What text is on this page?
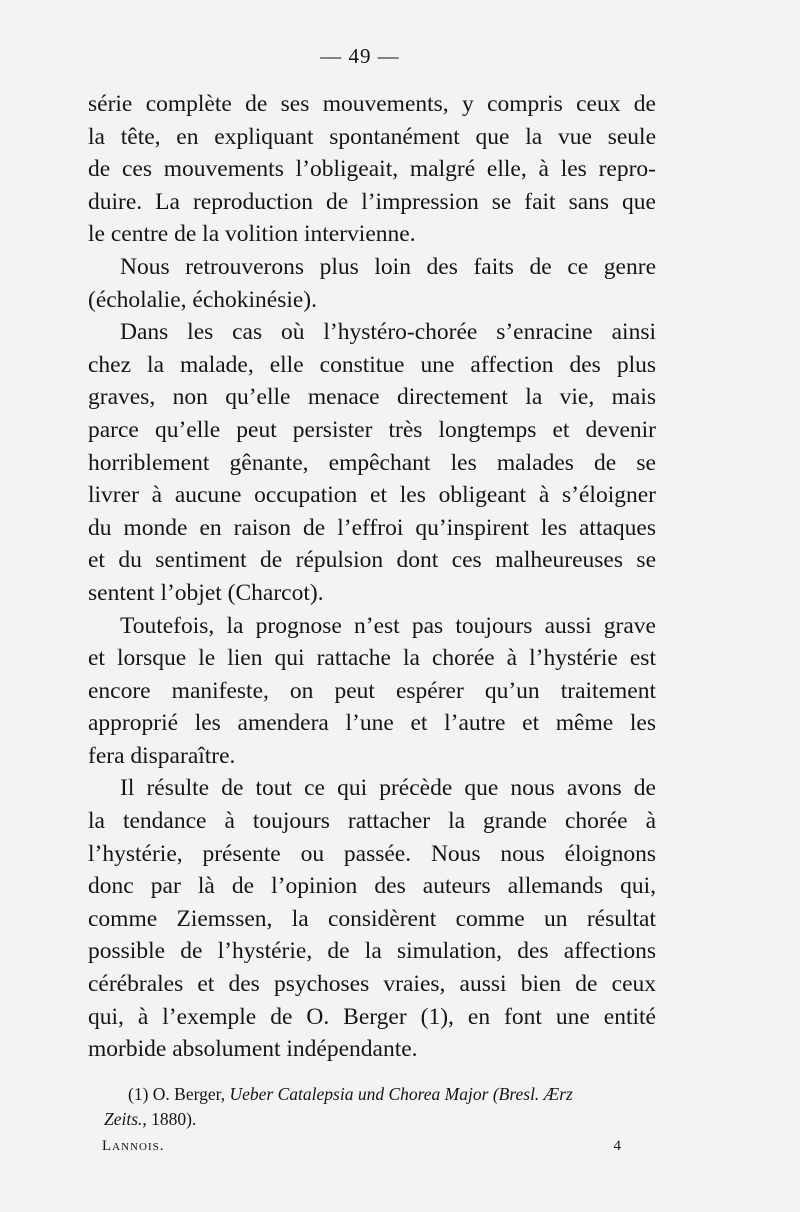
— 49 —
série complète de ses mouvements, y compris ceux de
la tête, en expliquant spontanément que la vue seule
de ces mouvements l’obligeait, malgré elle, à les repro-
duire. La reproduction de l’impression se fait sans que
le centre de la volition intervienne.
Nous retrouverons plus loin des faits de ce genre
(écholalie, échokinésie).
Dans les cas où l’hystéro-chorée s’enracine ainsi
chez la malade, elle constitue une affection des plus
graves, non qu’elle menace directement la vie, mais
parce qu’elle peut persister très longtemps et devenir
horriblement gênante, empêchant les malades de se
livrer à aucune occupation et les obligeant à s’éloigner
du monde en raison de l’effroi qu’inspirent les attaques
et du sentiment de répulsion dont ces malheureuses se
sentent l’objet (Charcot).
Toutefois, la prognose n’est pas toujours aussi grave
et lorsque le lien qui rattache la chorée à l’hystérie est
encore manifeste, on peut espérer qu’un traitement
approprié les amendera l’une et l’autre et même les
fera disparaître.
Il résulte de tout ce qui précède que nous avons de
la tendance à toujours rattacher la grande chorée à
l’hystérie, présente ou passée. Nous nous éloignons
donc par là de l’opinion des auteurs allemands qui,
comme Ziemssen, la considèrent comme un résultat
possible de l’hystérie, de la simulation, des affections
cérébrales et des psychoses vraies, aussi bien de ceux
qui, à l’exemple de O. Berger (1), en font une entité
morbide absolument indépendante.
(1) O. Berger, Ueber Catalepsia und Chorea Major (Bresl. Ærz
Zeits., 1880).
Lannois.	4
